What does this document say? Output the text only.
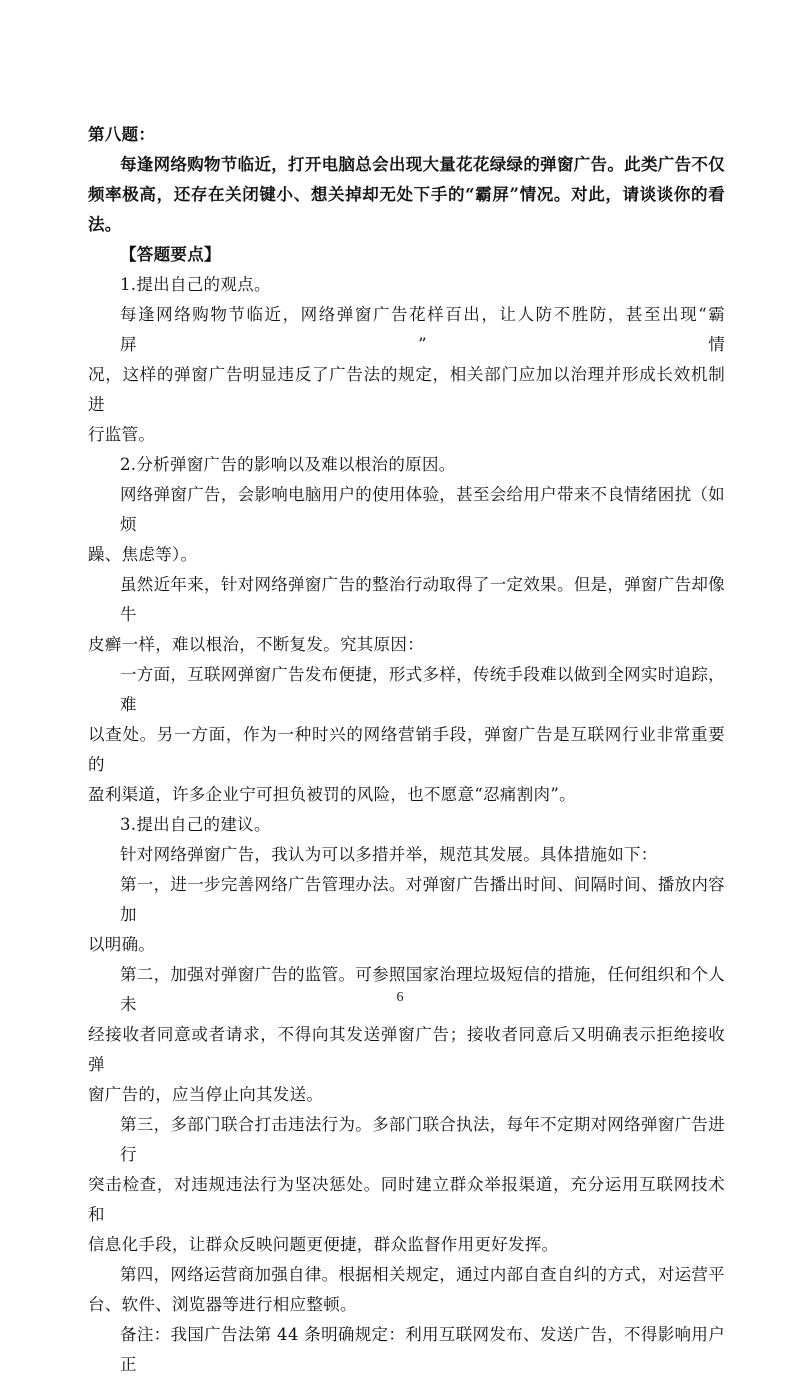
第八题：
每逢网络购物节临近，打开电脑总会出现大量花花绿绿的弹窗广告。此类广告不仅
频率极高，还存在关闭键小、想关掉却无处下手的“霸屏”情况。对此，请谈谈你的看
法。
【答题要点】
1.提出自己的观点。
每逢网络购物节临近，网络弹窗广告花样百出，让人防不胜防，甚至出现“霸屏”情
况，这样的弹窗广告明显违反了广告法的规定，相关部门应加以治理并形成长效机制进
行监管。
2.分析弹窗广告的影响以及难以根治的原因。
网络弹窗广告，会影响电脑用户的使用体验，甚至会给用户带来不良情绪困扰（如烦
躁、焦虑等）。
虽然近年来，针对网络弹窗广告的整治行动取得了一定效果。但是，弹窗广告却像牛
皮癣一样，难以根治，不断复发。究其原因：
一方面，互联网弹窗广告发布便捷，形式多样，传统手段难以做到全网实时追踪，难
以查处。另一方面，作为一种时兴的网络营销手段，弹窗广告是互联网行业非常重要的
盈利渠道，许多企业宁可担负被罚的风险，也不愿意“忍痛割肉”。
3.提出自己的建议。
针对网络弹窗广告，我认为可以多措并举，规范其发展。具体措施如下：
第一，进一步完善网络广告管理办法。对弹窗广告播出时间、间隔时间、播放内容加
以明确。
第二，加强对弹窗广告的监管。可参照国家治理垃圾短信的措施，任何组织和个人未
经接收者同意或者请求，不得向其发送弹窗广告；接收者同意后又明确表示拒绝接收弹
窗广告的，应当停止向其发送。
第三，多部门联合打击违法行为。多部门联合执法，每年不定期对网络弹窗广告进行
突击检查，对违规违法行为坚决惩处。同时建立群众举报渠道，充分运用互联网技术和
信息化手段，让群众反映问题更便捷，群众监督作用更好发挥。
第四，网络运营商加强自律。根据相关规定，通过内部自查自纠的方式，对运营平
台、软件、浏览器等进行相应整顿。
备注：我国广告法第 44 条明确规定：利用互联网发布、发送广告，不得影响用户正
6
